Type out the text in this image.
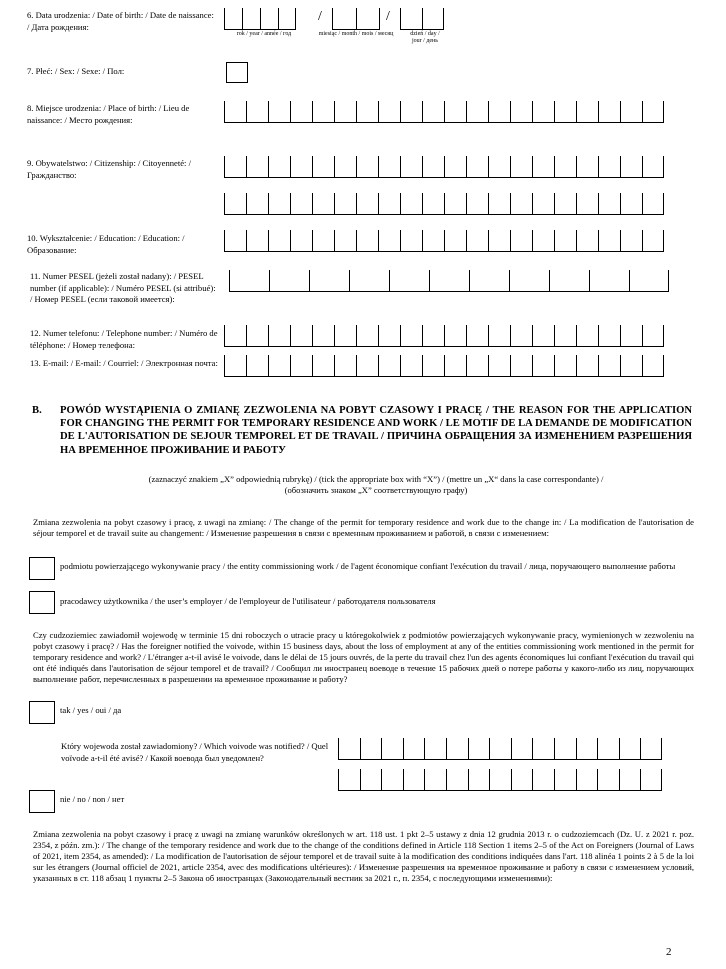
6. Data urodzenia: / Date of birth: / Date de naissance: / Дата рождения:
/	/
rok / year / année / год	miesiąc / month / mois / месяц	dzień / day / jour / день
7. Płeć: / Sex: / Sexe: / Пол:
8. Miejsce urodzenia: / Place of birth: / Lieu de naissance: / Место рождения:
9. Obywatelstwo: / Citizenship: / Citoyenneté: / Гражданство:
10. Wykształcenie: / Education: / Education: / Образование:
11. Numer PESEL (jeżeli został nadany): / PESEL number (if applicable): / Numéro PESEL (si attribué): / Номер PESEL (если таковой имеется):
12. Numer telefonu: / Telephone number: / Numéro de téléphone: / Номер телефона:
13. E-mail: / E-mail: / Courriel: / Электронная почта:
B. POWÓD WYSTĄPIENIA O ZMIANĘ ZEZWOLENIA NA POBYT CZASOWY I PRACĘ / THE REASON FOR THE APPLICATION FOR CHANGING THE PERMIT FOR TEMPORARY RESIDENCE AND WORK / LE MOTIF DE LA DEMANDE DE MODIFICATION DE L'AUTORISATION DE SEJOUR TEMPOREL ET DE TRAVAIL / ПРИЧИНА ОБРАЩЕНИЯ ЗА ИЗМЕНЕНИЕМ РАЗРЕШЕНИЯ НА ВРЕМЕННОЕ ПРОЖИВАНИЕ И РАБОТУ
(zaznaczyć znakiem „X” odpowiednią rubrykę) / (tick the appropriate box with “X”) / (mettre un „X“ dans la case correspondante) /
(обозначить знаком „X” соответствующую графу)
Zmiana zezwolenia na pobyt czasowy i pracę, z uwagi na zmianę: / The change of the permit for temporary residence and work due to the change in: / La modification de l'autorisation de séjour temporel et de travail suite au changement: / Изменение разрешения в связи с временным проживанием и работой, в связи с изменением:
podmiotu powierzającego wykonywanie pracy / the entity commissioning work / de l'agent économique confiant l'exécution du travail / лица, поручающего выполнение работы
pracodawcy użytkownika / the user’s employer / de l'employeur de l'utilisateur / работодателя пользователя
Czy cudzoziemiec zawiadomił wojewodę w terminie 15 dni roboczych o utracie pracy u któregokolwiek z podmiotów powierzających wykonywanie pracy, wymienionych w zezwoleniu na pobyt czasowy i pracę? / Has the foreigner notified the voivode, within 15 business days, about the loss of employment at any of the entities commissioning work mentioned in the permit for temporary residence and work? / L'étranger a-t-il avisé le voivode, dans le délai de 15 jours ouvrés, de la perte du travail chez l'un des agents économiques lui confiant l'exécution du travail qui ont été indiqués dans l'autorisation de séjour temporel et de travail? / Сообщил ли иностранец воеводе в течение 15 рабочих дней о потере работы у какого-либо из лиц, поручающих выполнение работ, перечисленных в разрешении на временное проживание и работу?
tak / yes / oui / да
Który wojewoda został zawiadomiony? / Which voivode was notified? / Quel voïvode a-t-il été avisé? / Какой воевода был уведомлен?
nie / no / non / нет
Zmiana zezwolenia na pobyt czasowy i pracę z uwagi na zmianę warunków określonych w art. 118 ust. 1 pkt 2–5 ustawy z dnia 12 grudnia 2013 r. o cudzoziemcach (Dz. U. z 2021 r. poz. 2354, z późn. zm.): / The change of the temporary residence and work due to the change of the conditions defined in Article 118 Section 1 items 2–5 of the Act on Foreigners (Journal of Laws of 2021, item 2354, as amended): / La modification de l'autorisation de séjour temporel et de travail suite à la modification des conditions indiquées dans l'art. 118 alinéa 1 points 2 à 5 de la loi sur les étrangers (Journal officiel de 2021, article 2354, avec des modifications ultérieures): / Изменение разрешения на временное проживание и работу в связи с изменением условий, указанных в ст. 118 абзац 1 пункты 2–5 Закона об иностранцах (Законодательный вестник за 2021 г., п. 2354, с последующими изменениями):
2
